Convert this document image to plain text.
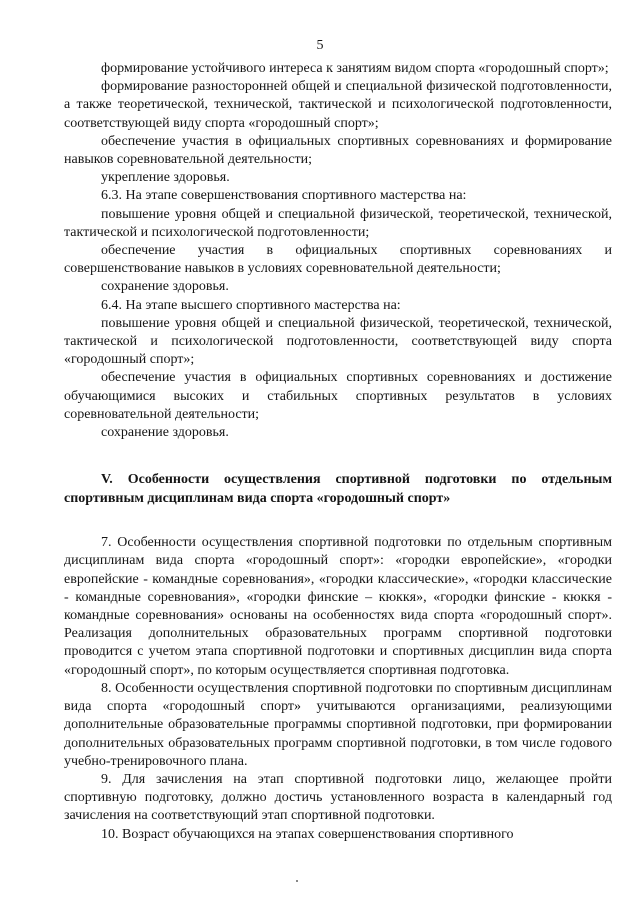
5

формирование устойчивого интереса к занятиям видом спорта «городошный спорт»;

формирование разносторонней общей и специальной физической подготовленности, а также теоретической, технической, тактической и психологической подготовленности, соответствующей виду спорта «городошный спорт»;

обеспечение участия в официальных спортивных соревнованиях и формирование навыков соревновательной деятельности;

укрепление здоровья.

6.3. На этапе совершенствования спортивного мастерства на:

повышение уровня общей и специальной физической, теоретической, технической, тактической и психологической подготовленности;

обеспечение участия в официальных спортивных соревнованиях и совершенствование навыков в условиях соревновательной деятельности;

сохранение здоровья.

6.4. На этапе высшего спортивного мастерства на:

повышение уровня общей и специальной физической, теоретической, технической, тактической и психологической подготовленности, соответствующей виду спорта «городошный спорт»;

обеспечение участия в официальных спортивных соревнованиях и достижение обучающимися высоких и стабильных спортивных результатов в условиях соревновательной деятельности;

сохранение здоровья.

V. Особенности осуществления спортивной подготовки по отдельным спортивным дисциплинам вида спорта «городошный спорт»

7. Особенности осуществления спортивной подготовки по отдельным спортивным дисциплинам вида спорта «городошный спорт»: «городки европейские», «городки европейские - командные соревнования», «городки классические», «городки классические - командные соревнования», «городки финские – кюккя», «городки финские - кюккя - командные соревнования» основаны на особенностях вида спорта «городошный спорт». Реализация дополнительных образовательных программ спортивной подготовки проводится с учетом этапа спортивной подготовки и спортивных дисциплин вида спорта «городошный спорт», по которым осуществляется спортивная подготовка.

8. Особенности осуществления спортивной подготовки по спортивным дисциплинам вида спорта «городошный спорт» учитываются организациями, реализующими дополнительные образовательные программы спортивной подготовки, при формировании дополнительных образовательных программ спортивной подготовки, в том числе годового учебно-тренировочного плана.

9. Для зачисления на этап спортивной подготовки лицо, желающее пройти спортивную подготовку, должно достичь установленного возраста в календарный год зачисления на соответствующий этап спортивной подготовки.

10. Возраст обучающихся на этапах совершенствования спортивного
